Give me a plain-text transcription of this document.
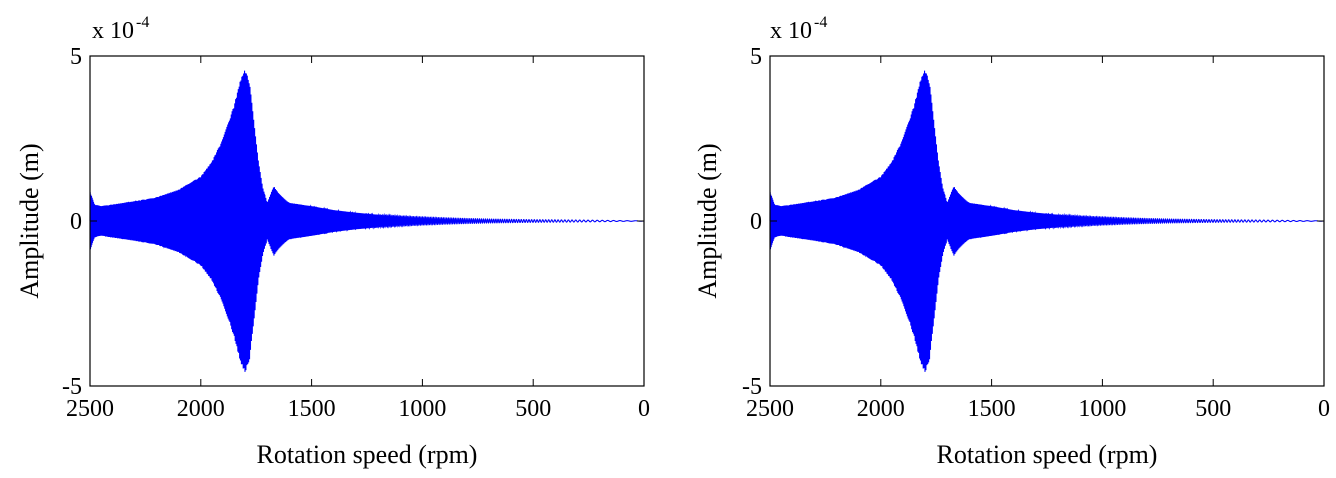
2500	2000	1500	1000	500	0
-5
0
5
x 10 $^{-4}$
Rotation speed (rpm)
Amplitude (m)
2500	2000	1500	1000	500	0
-5
0
5
x 10 $^{-4}$
Rotation speed (rpm)
Amplitude (m)
